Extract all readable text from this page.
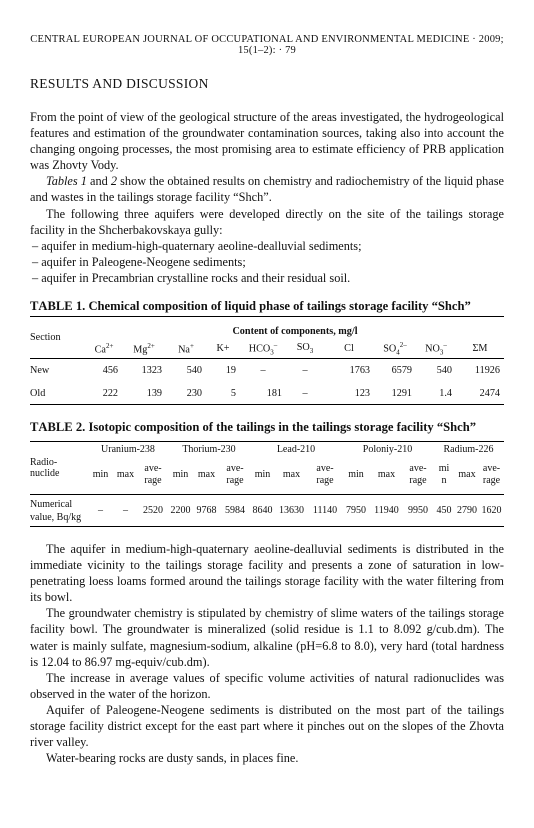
CENTRAL EUROPEAN JOURNAL OF OCCUPATIONAL AND ENVIRONMENTAL MEDICINE · 2009; 15(1–2): · 79
RESULTS AND DISCUSSION

From the point of view of the geological structure of the areas investigated, the hydrogeological features and estimation of the groundwater contamination sources, taking also into account the changing ongoing processes, the most promising area to estimate efficiency of PRB application was Zhovty Vody.

Tables 1 and 2 show the obtained results on chemistry and radiochemistry of the liquid phase and wastes in the tailings storage facility “Shch”.

The following three aquifers were developed directly on the site of the tailings storage facility in the Shcherbakovskaya gully:

– aquifer in medium-high-quaternary aeoline-dealluvial sediments;

– aquifer in Paleogene-Neogene sediments;

– aquifer in Precambrian crystalline rocks and their residual soil.

TABLE 1. Chemical composition of liquid phase of tailings storage facility “Shch”
Section	Content of components, mg/l									
	$Ca^{2+}$	$Mg^{2+}$	Na+	K+	$HCO_3^-$	$SO_3$	Cl	$SO_4^{2-}$	$NO_3^-$	ΣM
New	456	1323	540	19	–	–	1763	6579	540	11926
Old	222	139	230	5	181	–	123	1291	1.4	2474
TABLE 2. Isotopic composition of the tailings in the tailings storage facility “Shch”
Radio-
nuclide	Uranium-238			Thorium-230			Lead-210			Poloniy-210			Radium-226		
	min	max	ave-
rage	min	max	ave-
rage	min	max	ave-
rage	min	max	ave-
rage	mi
n	max	ave-
rage
Numerical
value, Bq/kg	–	–	2520	2200	9768	5984	8640	13630	11140	7950	11940	9950	450	2790	1620

The aquifer in medium-high-quaternary aeoline-dealluvial sediments is distributed in the immediate vicinity to the tailings storage facility and presents a zone of saturation in low-penetrating loess loams formed around the tailings storage facility with the water filtering from its bowl.

The groundwater chemistry is stipulated by chemistry of slime waters of the tailings storage facility bowl. The groundwater is mineralized (solid residue is 1.1 to 8.092 g/cub.dm). The water is mainly sulfate, magnesium-sodium, alkaline (pH=6.8 to 8.0), very hard (total hardness is 12.04 to 86.97 mg-equiv/cub.dm).

The increase in average values of specific volume activities of natural radionuclides was observed in the water of the horizon.

Aquifer of Paleogene-Neogene sediments is distributed on the most part of the tailings storage facility district except for the east part where it pinches out on the slopes of the Zhovta river valley.

Water-bearing rocks are dusty sands, in places fine.
